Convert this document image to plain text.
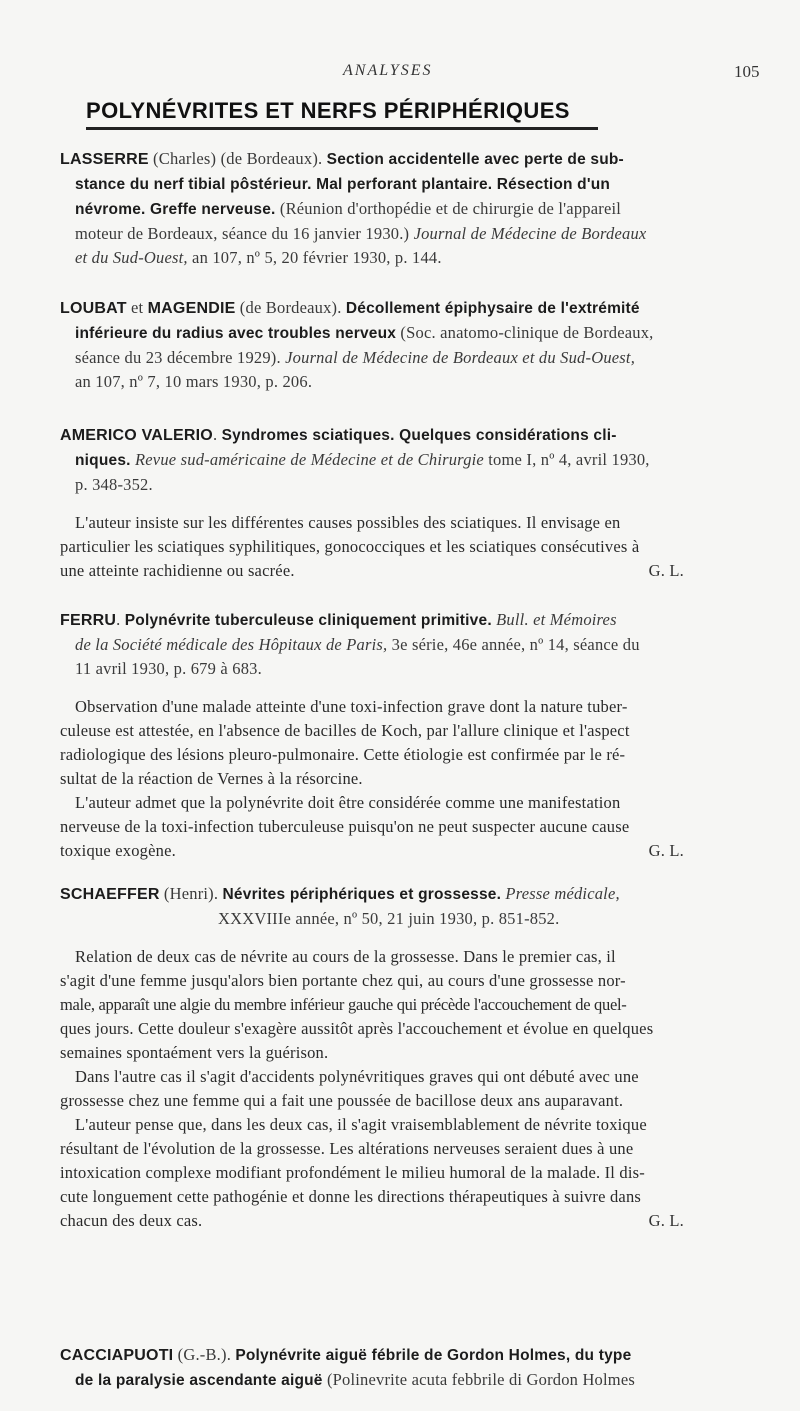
ANALYSES	105
POLYNÉVRITES ET NERFS PÉRIPHÉRIQUES
LASSERRE (Charles) (de Bordeaux). Section accidentelle avec perte de sub-
stance du nerf tibial pôstérieur. Mal perforant plantaire. Résection d'un
névrome. Greffe nerveuse. (Réunion d'orthopédie et de chirurgie de l'appareil
moteur de Bordeaux, séance du 16 janvier 1930.) Journal de Médecine de Bordeaux
et du Sud-Ouest, an 107, nº 5, 20 février 1930, p. 144.
LOUBAT et MAGENDIE (de Bordeaux). Décollement épiphysaire de l'extrémité
inférieure du radius avec troubles nerveux (Soc. anatomo-clinique de Bordeaux,
séance du 23 décembre 1929). Journal de Médecine de Bordeaux et du Sud-Ouest,
an 107, nº 7, 10 mars 1930, p. 206.
AMERICO VALERIO. Syndromes sciatiques. Quelques considérations cli-
niques. Revue sud-américaine de Médecine et de Chirurgie tome I, nº 4, avril 1930,
p. 348-352.
L'auteur insiste sur les différentes causes possibles des sciatiques. Il envisage en
particulier les sciatiques syphilitiques, gonococciques et les sciatiques consécutives à
une atteinte rachidienne ou sacrée.	G. L.
FERRU. Polynévrite tuberculeuse cliniquement primitive. Bull. et Mémoires
de la Société médicale des Hôpitaux de Paris, 3e série, 46e année, nº 14, séance du
11 avril 1930, p. 679 à 683.
Observation d'une malade atteinte d'une toxi-infection grave dont la nature tuber-
culeuse est attestée, en l'absence de bacilles de Koch, par l'allure clinique et l'aspect
radiologique des lésions pleuro-pulmonaire. Cette étiologie est confirmée par le ré-
sultat de la réaction de Vernes à la résorcine.
L'auteur admet que la polynévrite doit être considérée comme une manifestation
nerveuse de la toxi-infection tuberculeuse puisqu'on ne peut suspecter aucune cause
toxique exogène.	G. L.
SCHAEFFER (Henri). Névrites périphériques et grossesse. Presse médicale,
XXXVIIIe année, nº 50, 21 juin 1930, p. 851-852.
Relation de deux cas de névrite au cours de la grossesse. Dans le premier cas, il
s'agit d'une femme jusqu'alors bien portante chez qui, au cours d'une grossesse nor-
male, apparaît une algie du membre inférieur gauche qui précède l'accouchement de quel-
ques jours. Cette douleur s'exagère aussitôt après l'accouchement et évolue en quelques
semaines spontaément vers la guérison.
Dans l'autre cas il s'agit d'accidents polynévritiques graves qui ont débuté avec une
grossesse chez une femme qui a fait une poussée de bacillose deux ans auparavant.
L'auteur pense que, dans les deux cas, il s'agit vraisemblablement de névrite toxique
résultant de l'évolution de la grossesse. Les altérations nerveuses seraient dues à une
intoxication complexe modifiant profondément le milieu humoral de la malade. Il dis-
cute longuement cette pathogénie et donne les directions thérapeutiques à suivre dans
chacun des deux cas.	G. L.
CACCIAPUOTI (G.-B.). Polynévrite aiguë fébrile de Gordon Holmes, du type
de la paralysie ascendante aiguë (Polinevrite acuta febbrile di Gordon Holmes
